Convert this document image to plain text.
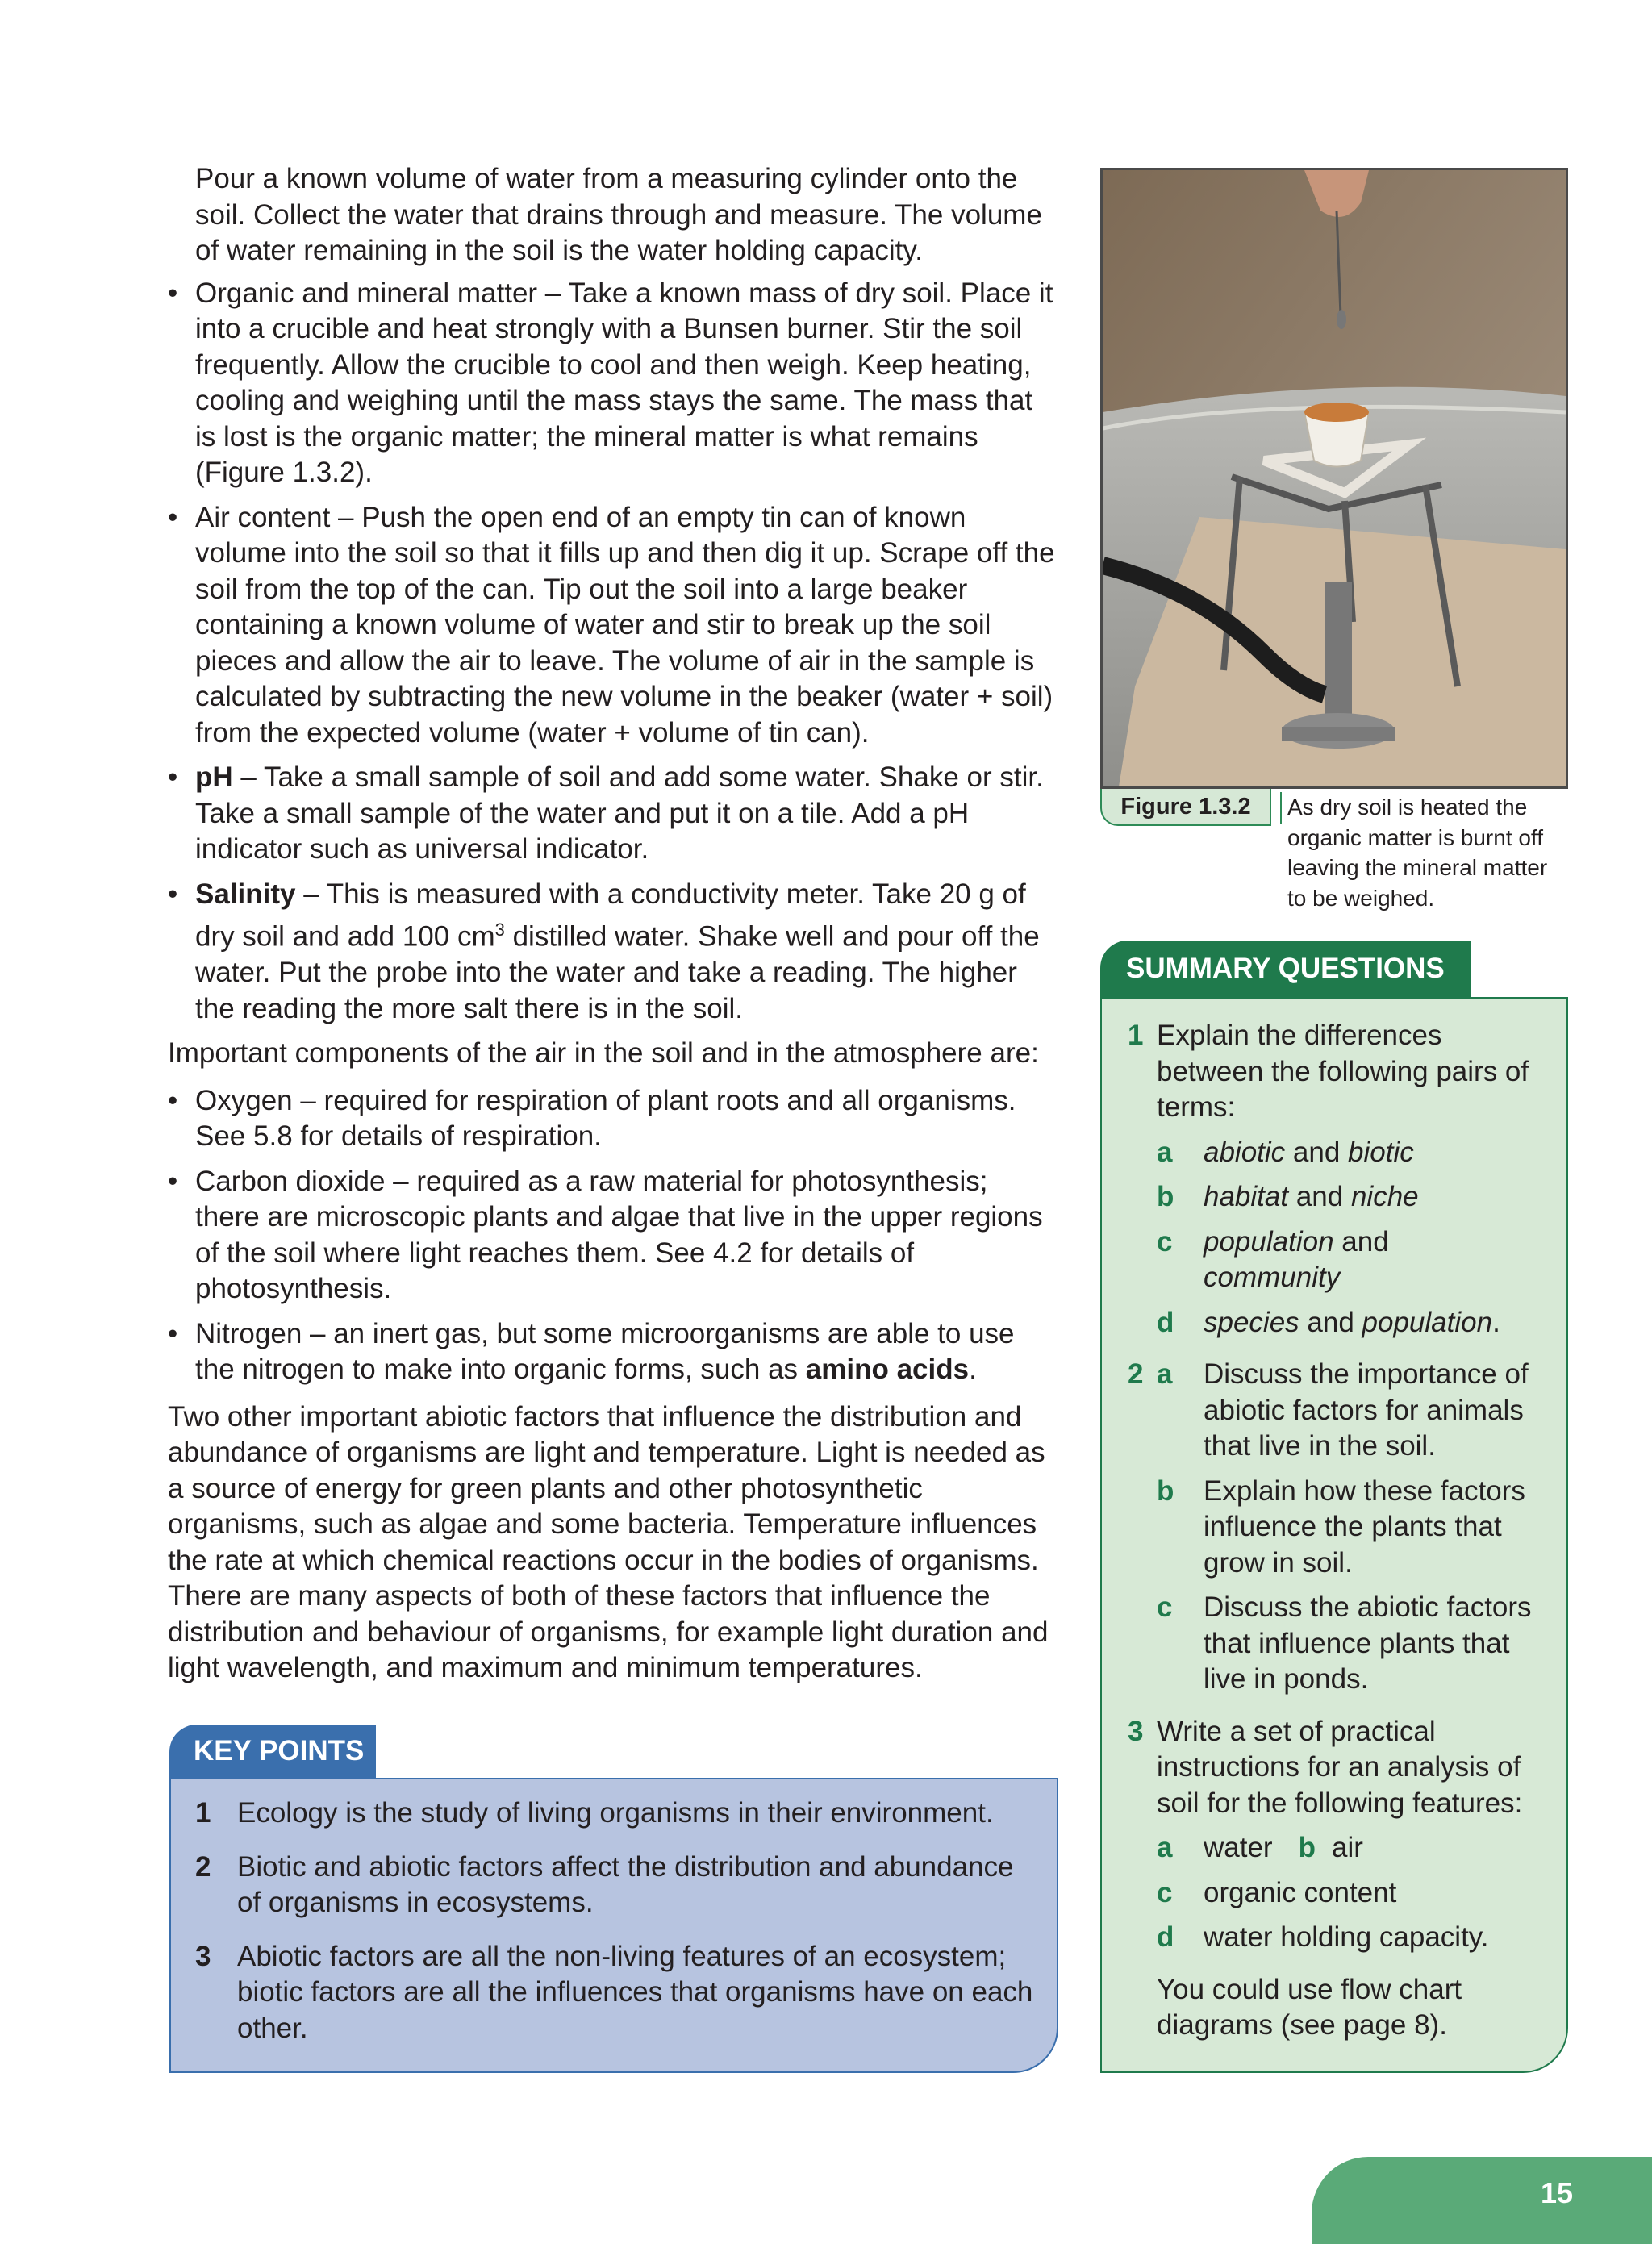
Pour a known volume of water from a measuring cylinder onto the soil. Collect the water that drains through and measure. The volume of water remaining in the soil is the water holding capacity.

• Organic and mineral matter – Take a known mass of dry soil. Place it into a crucible and heat strongly with a Bunsen burner. Stir the soil frequently. Allow the crucible to cool and then weigh. Keep heating, cooling and weighing until the mass stays the same. The mass that is lost is the organic matter; the mineral matter is what remains (Figure 1.3.2).
• Air content – Push the open end of an empty tin can of known volume into the soil so that it fills up and then dig it up. Scrape off the soil from the top of the can. Tip out the soil into a large beaker containing a known volume of water and stir to break up the soil pieces and allow the air to leave. The volume of air in the sample is calculated by subtracting the new volume in the beaker (water + soil) from the expected volume (water + volume of tin can).
• pH – Take a small sample of soil and add some water. Shake or stir. Take a small sample of the water and put it on a tile. Add a pH indicator such as universal indicator.
• Salinity – This is measured with a conductivity meter. Take 20 g of dry soil and add 100 $cm^3$ distilled water. Shake well and pour off the water. Put the probe into the water and take a reading. The higher the reading the more salt there is in the soil.

Important components of the air in the soil and in the atmosphere are:

• Oxygen – required for respiration of plant roots and all organisms. See 5.8 for details of respiration.
• Carbon dioxide – required as a raw material for photosynthesis; there are microscopic plants and algae that live in the upper regions of the soil where light reaches them. See 4.2 for details of photosynthesis.
• Nitrogen – an inert gas, but some microorganisms are able to use the nitrogen to make into organic forms, such as amino acids.

Two other important abiotic factors that influence the distribution and abundance of organisms are light and temperature. Light is needed as a source of energy for green plants and other photosynthetic organisms, such as algae and some bacteria. Temperature influences the rate at which chemical reactions occur in the bodies of organisms. There are many aspects of both of these factors that influence the distribution and behaviour of organisms, for example light duration and light wavelength, and maximum and minimum temperatures.

KEY POINTS
1 Ecology is the study of living organisms in their environment.
2 Biotic and abiotic factors affect the distribution and abundance of organisms in ecosystems.
3 Abiotic factors are all the non-living features of an ecosystem; biotic factors are all the influences that organisms have on each other.
Figure 1.3.2	As dry soil is heated the organic matter is burnt off leaving the mineral matter to be weighed.
SUMMARY QUESTIONS
1 Explain the differences between the following pairs of terms:
a abiotic and biotic
b habitat and niche
c population and
community
d species and population.
2 a Discuss the importance of abiotic factors for animals that live in the soil.
b Explain how these factors influence the plants that grow in soil.
c Discuss the abiotic factors that influence plants that live in ponds.
3 Write a set of practical instructions for an analysis of soil for the following features:
a water b air
c organic content
d water holding capacity.

You could use flow chart diagrams (see page 8).

15
